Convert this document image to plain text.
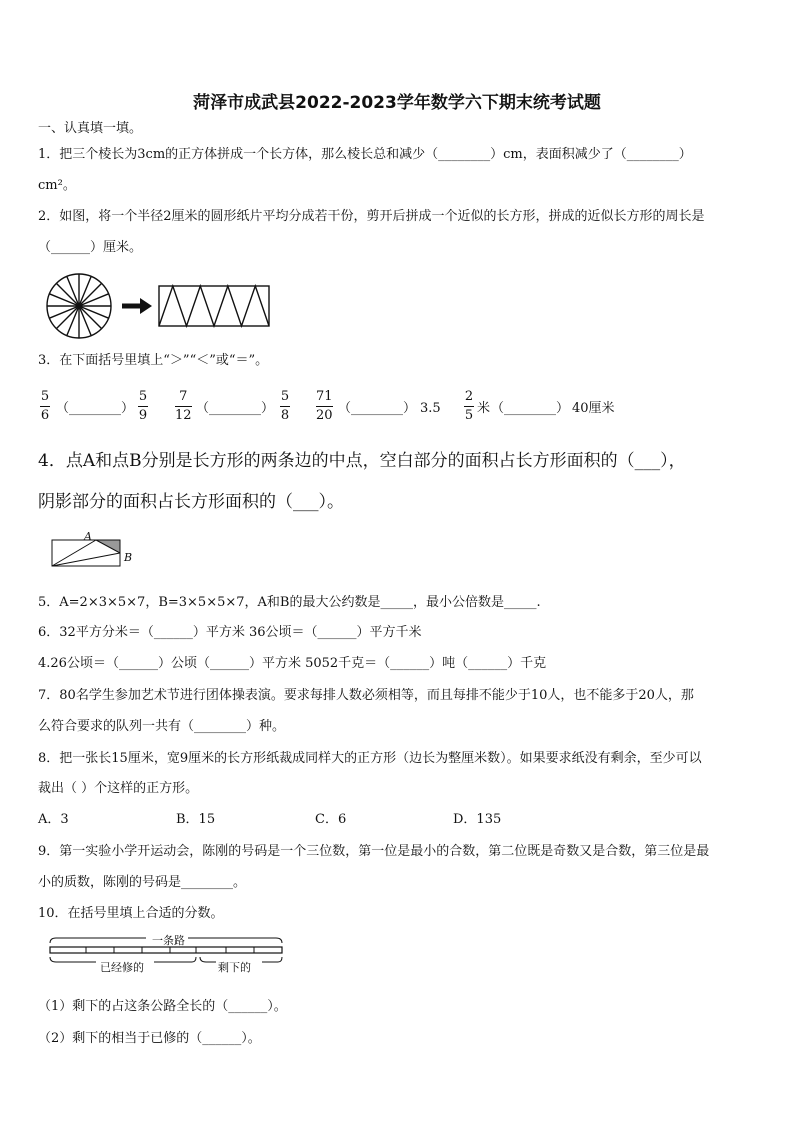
菏泽市成武县2022-2023学年数学六下期末统考试题
一、认真填一填。
1．把三个棱长为3cm的正方体拼成一个长方体，那么棱长总和减少（________）cm，表面积减少了（________）
cm²。
2．如图，将一个半径2厘米的圆形纸片平均分成若干份，剪开后拼成一个近似的长方形，拼成的近似长方形的周长是
（______）厘米。
3．在下面括号里填上“＞”“＜”或“＝”。
5
6 （________）
5
9
7
12 （________）
5
8
71
20 （________） 3.5
2
5 米 （________） 40厘米
4．点A和点B分别是长方形的两条边的中点，空白部分的面积占长方形面积的（___），
阴影部分的面积占长方形面积的（___）。
A
B
5．A=2×3×5×7，B=3×5×5×7，A和B的最大公约数是_____，最小公倍数是_____.
6．32平方分米＝（______）平方米 36公顷＝（______）平方千米
4.26公顷＝（______）公顷（______）平方米 5052千克＝（______）吨（______）千克
7．80名学生参加艺术节进行团体操表演。要求每排人数必须相等，而且每排不能少于10人，也不能多于20人，那
么符合要求的队列一共有（________）种。
8．把一张长15厘米，宽9厘米的长方形纸裁成同样大的正方形（边长为整厘米数）。如果要求纸没有剩余，至少可以
裁出（ ）个这样的正方形。
A．3	B．15	C．6	D．135
9．第一实验小学开运动会，陈刚的号码是一个三位数，第一位是最小的合数，第二位既是奇数又是合数，第三位是最
小的质数，陈刚的号码是________。
10．在括号里填上合适的分数。
一条路
已经修的	剩下的
（1）剩下的占这条公路全长的（______）。
（2）剩下的相当于已修的（______）。
